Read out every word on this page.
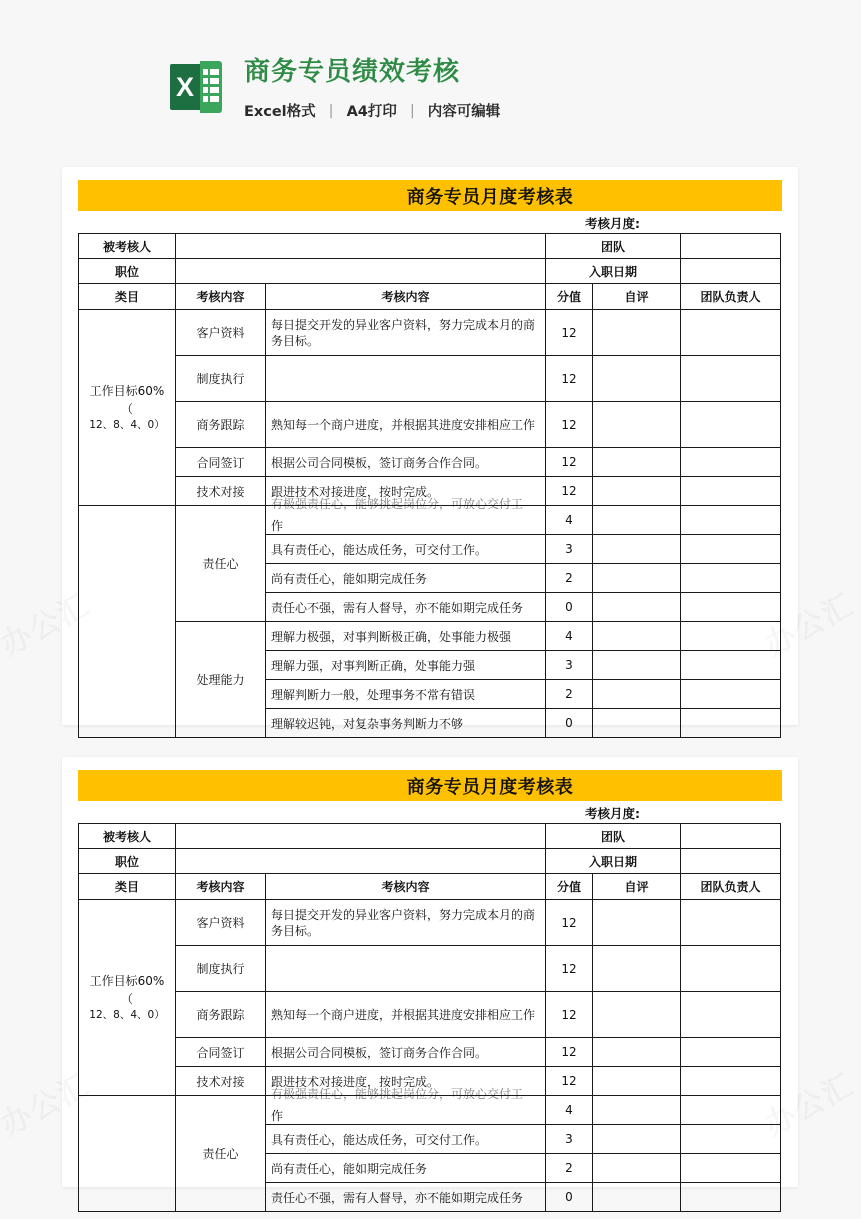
X 商务专员绩效考核
Excel格式 | A4打印 | 内容可编辑
商务专员月度考核表
考核月度:
被考核人			团队		
职位			入职日期		
类目	考核内容	考核内容	分值	自评	团队负责人

工作目标60%（
12、8、4、0）	客户资料	每日提交开发的异业客户资料，努力完成本月的商务目标。	12		
	制度执行		12		
	商务跟踪	熟知每一个商户进度，并根据其进度安排相应工作	12		
	合同签订	根据公司合同模板，签订商务合作合同。	12		
	技术对接	跟进技术对接进度，按时完成。	12		
	责任心	有极强责任心，能够挑起岗位分，可放心交付工
作	4		
		具有责任心，能达成任务，可交付工作。	3		
		尚有责任心，能如期完成任务	2		
		责任心不强，需有人督导，亦不能如期完成任务	0		
	处理能力	理解力极强，对事判断极正确，处事能力极强	4		
		理解力强，对事判断正确，处事能力强	3		
		理解判断力一般，处理事务不常有错误	2		
		理解较迟钝，对复杂事务判断力不够	0		
商务专员月度考核表
考核月度:
被考核人			团队		
职位			入职日期		
类目	考核内容	考核内容	分值	自评	团队负责人

工作目标60%（
12、8、4、0）	客户资料	每日提交开发的异业客户资料，努力完成本月的商务目标。	12		
	制度执行		12		
	商务跟踪	熟知每一个商户进度，并根据其进度安排相应工作	12		
	合同签订	根据公司合同模板，签订商务合作合同。	12		
	技术对接	跟进技术对接进度，按时完成。	12		
	责任心	有极强责任心，能够挑起岗位分，可放心交付工
作	4		
		具有责任心，能达成任务，可交付工作。	3		
		尚有责任心，能如期完成任务	2		
		责任心不强，需有人督导，亦不能如期完成任务	0		
